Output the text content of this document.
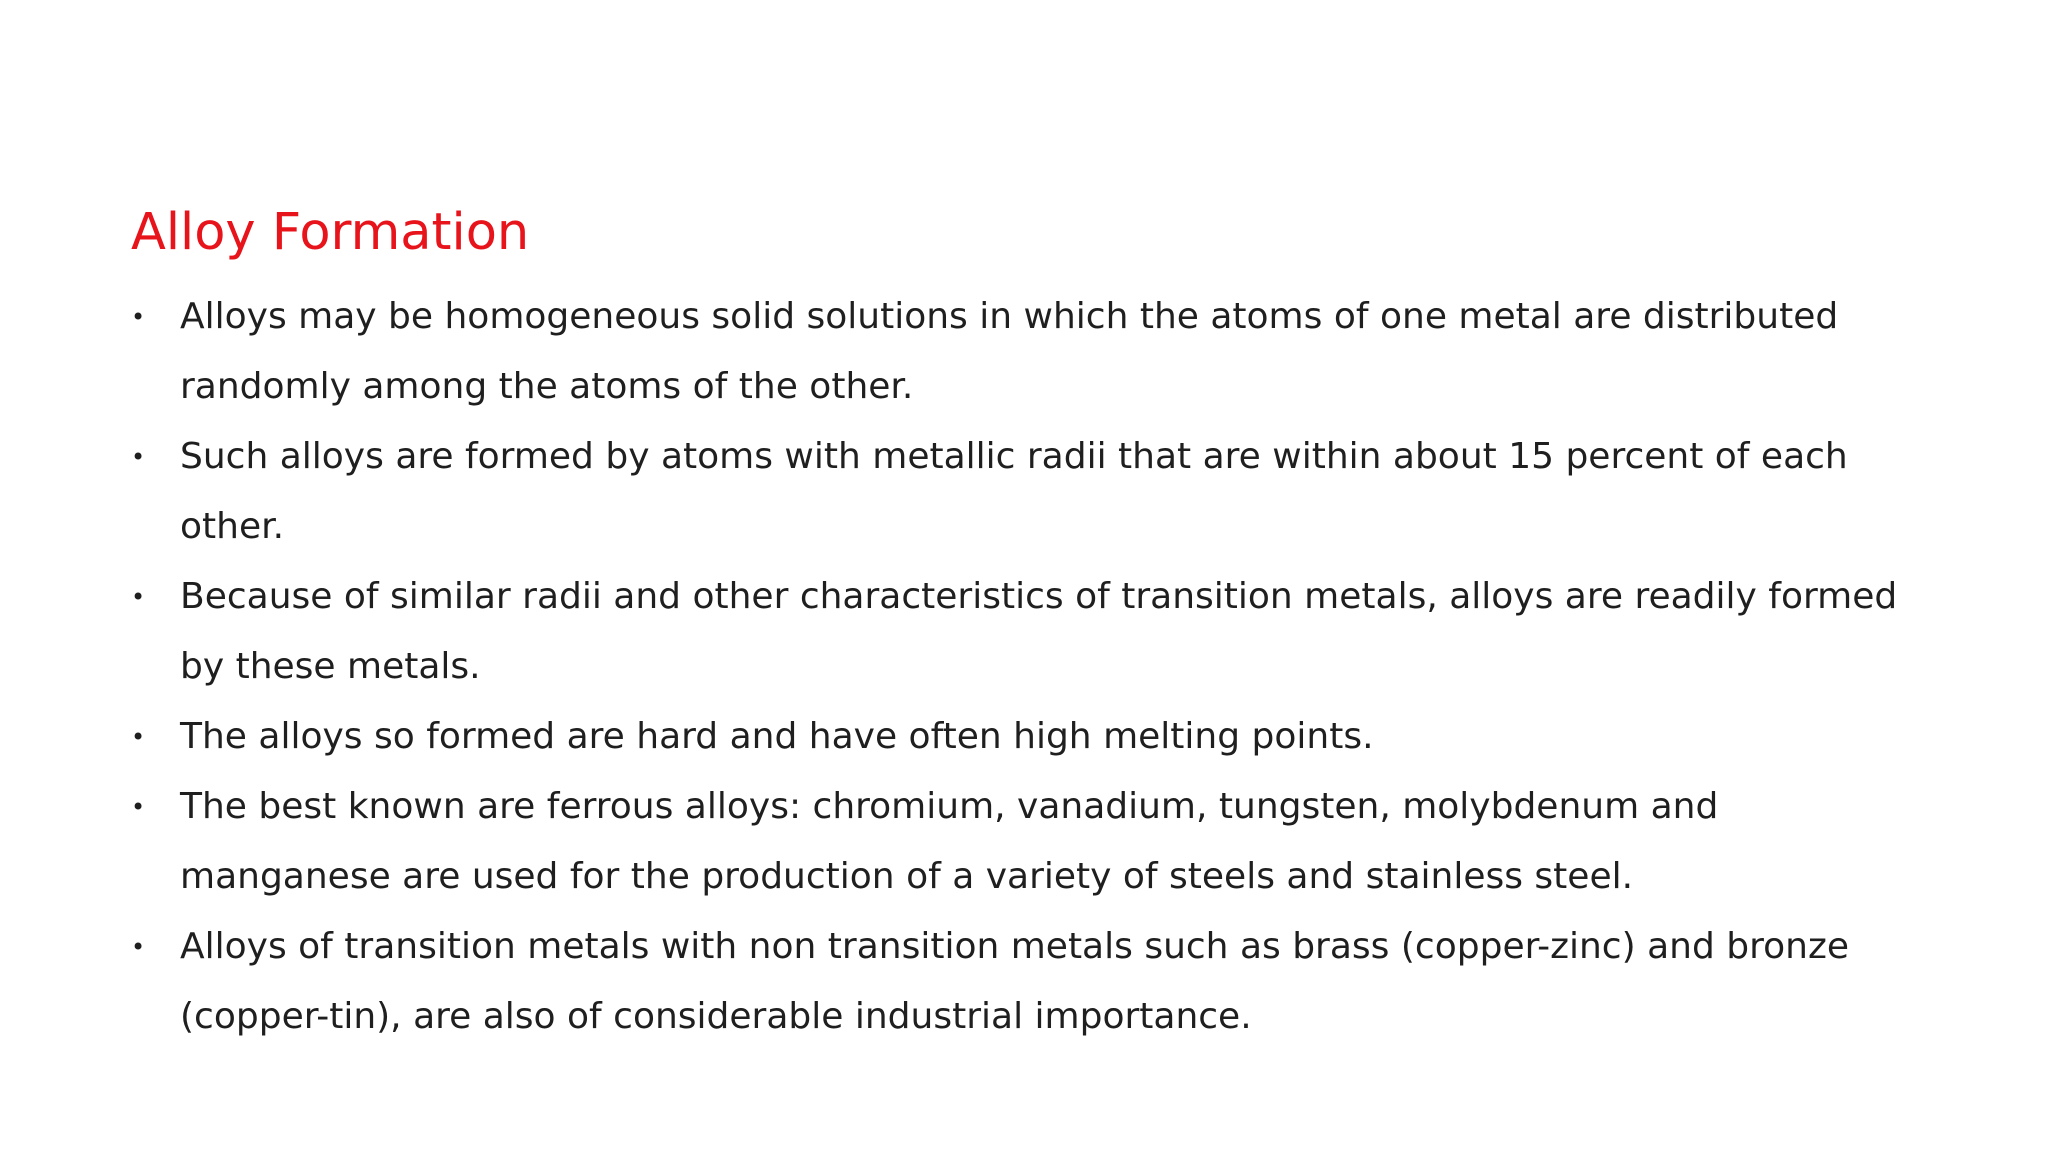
Alloy Formation
• Alloys may be homogeneous solid solutions in which the atoms of one metal are distributed
randomly among the atoms of the other.
• Such alloys are formed by atoms with metallic radii that are within about 15 percent of each
other.
• Because of similar radii and other characteristics of transition metals, alloys are readily formed
by these metals.
• The alloys so formed are hard and have often high melting points.
• The best known are ferrous alloys: chromium, vanadium, tungsten, molybdenum and
manganese are used for the production of a variety of steels and stainless steel.
• Alloys of transition metals with non transition metals such as brass (copper-zinc) and bronze
(copper-tin), are also of considerable industrial importance.
